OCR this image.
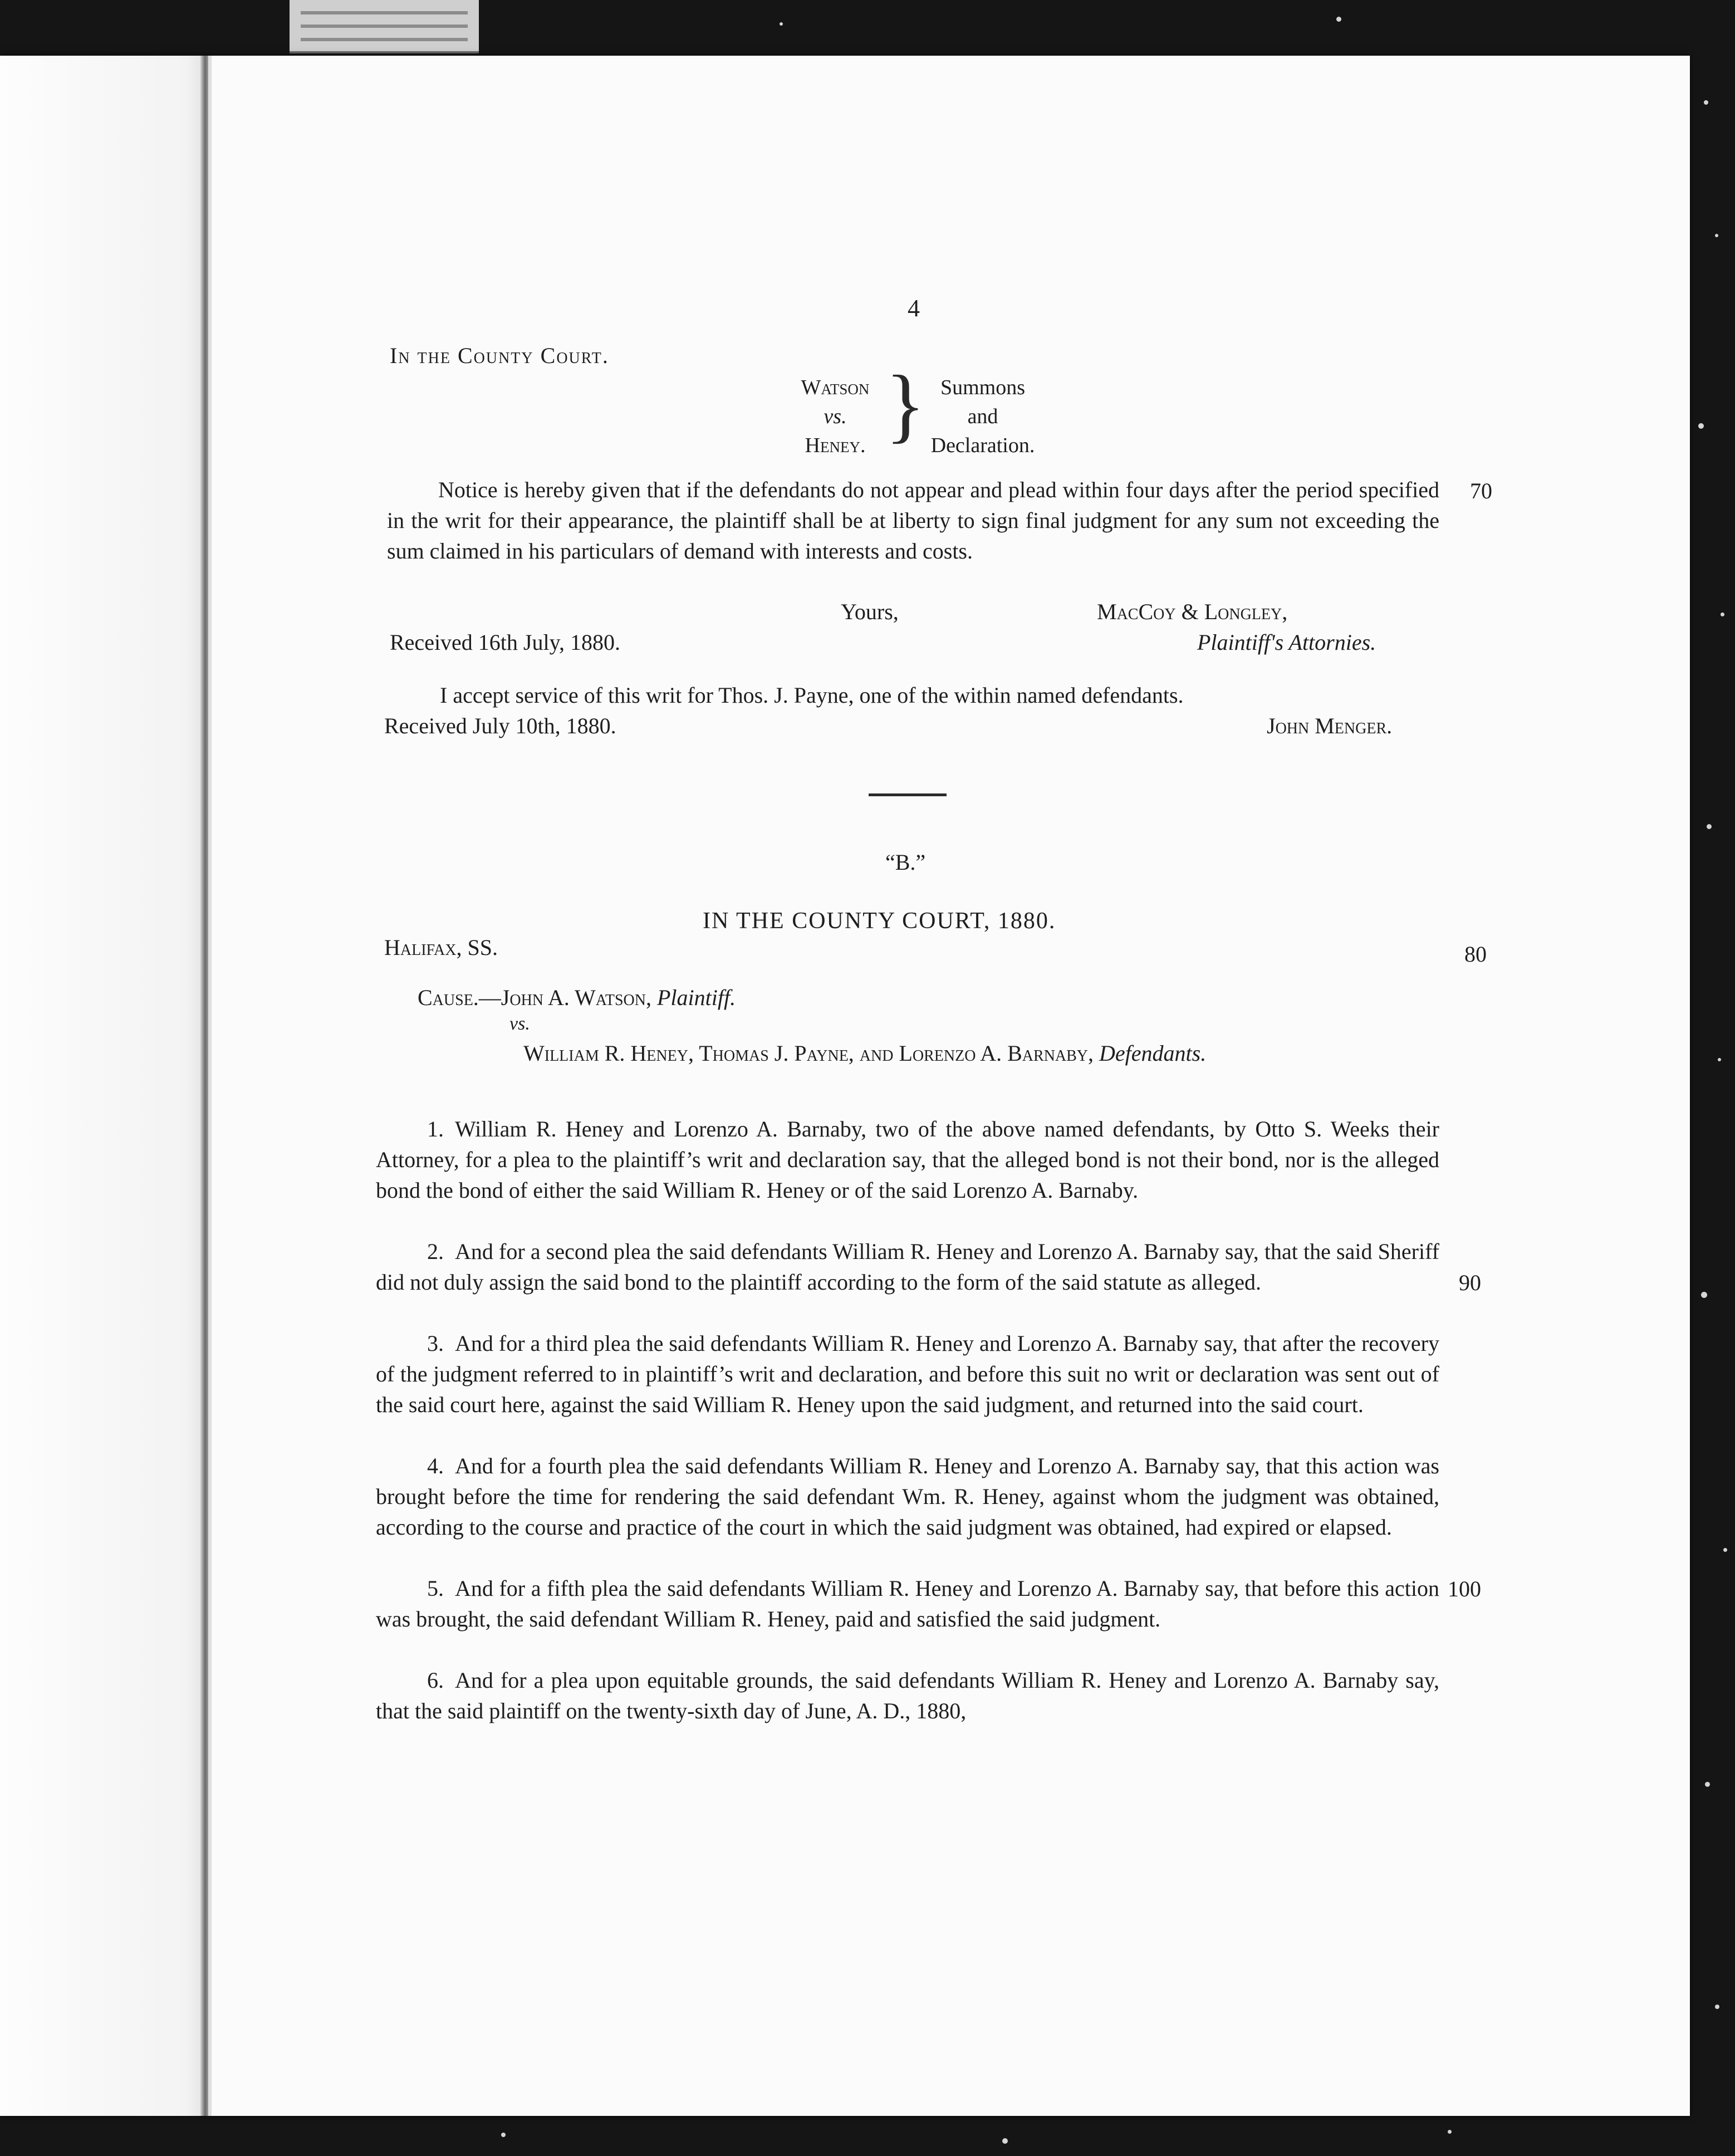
4
In the County Court.
Watson
vs.
Heney. } Summons
and
Declaration.
Notice is hereby given that if the defendants do not appear and plead within four days after the period specified in the writ for their appearance, the plaintiff shall be at liberty to sign final judgment for any sum not exceeding the sum claimed in his particulars of demand with interests and costs.
70
Yours,	MacCoy & Longley,
Received 16th July, 1880.	Plaintiff's Attornies.
I accept service of this writ for Thos. J. Payne, one of the within named defendants.
Received July 10th, 1880.	John Menger.
“B.”
IN THE COUNTY COURT, 1880.
Halifax, SS.	80
Cause.—John A. Watson, Plaintiff.
vs.
William R. Heney, Thomas J. Payne, and Lorenzo A. Barnaby, Defendants.
1. William R. Heney and Lorenzo A. Barnaby, two of the above named defendants, by Otto S. Weeks their Attorney, for a plea to the plaintiff’s writ and declaration say, that the alleged bond is not their bond, nor is the alleged bond the bond of either the said William R. Heney or of the said Lorenzo A. Barnaby.
2. And for a second plea the said defendants William R. Heney and Lorenzo A. Barnaby say, that the said Sheriff did not duly assign the said bond to the plaintiff according to the form of the said statute as alleged.	90
3. And for a third plea the said defendants William R. Heney and Lorenzo A. Barnaby say, that after the recovery of the judgment referred to in plaintiff’s writ and declaration, and before this suit no writ or declaration was sent out of the said court here, against the said William R. Heney upon the said judgment, and returned into the said court.
4. And for a fourth plea the said defendants William R. Heney and Lorenzo A. Barnaby say, that this action was brought before the time for rendering the said defendant Wm. R. Heney, against whom the judgment was obtained, according to the course and practice of the court in which the said judgment was obtained, had expired or elapsed.
5. And for a fifth plea the said defendants William R. Heney and Lorenzo A. Barnaby say, that before this action was brought, the said defendant William R. Heney, paid and satisfied the said judgment.
100
6. And for a plea upon equitable grounds, the said defendants William R. Heney and Lorenzo A. Barnaby say, that the said plaintiff on the twenty-sixth day of June, A. D., 1880,
